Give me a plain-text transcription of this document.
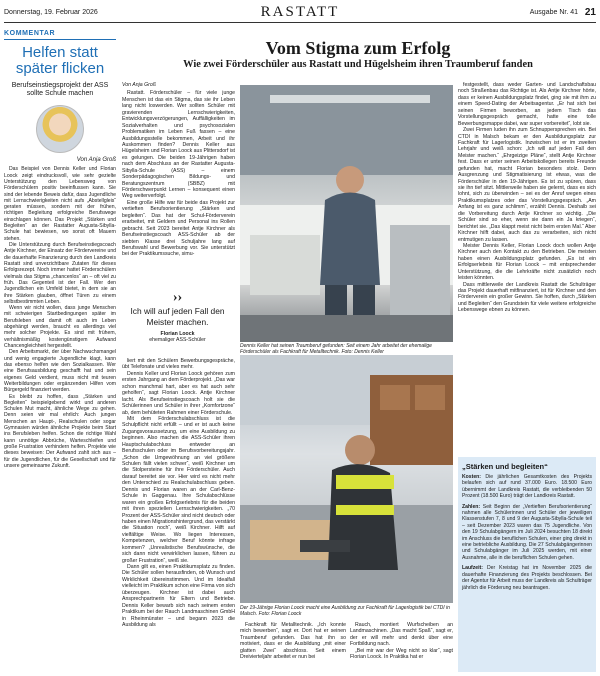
Donnerstag, 19. Februar 2026	RASTATT	Ausgabe Nr. 41 21
KOMMENTAR
Helfen statt später flicken
Berufseinstiegsprojekt der ASS sollte Schule machen
Von Anja Groß

Das Beispiel von Dennis Keller und Florian Loock zeigt eindrucksvoll, wie sehr gezielte Unterstützung den Lebensweg von Förderschülern positiv beeinflussen kann. Sie sind der lebende Beweis dafür, dass Jugendliche mit Lernschwierigkeiten nicht aufs „Abstellgleis“ geraten müssen, sondern mit der frühen, richtigen Begleitung erfolgreiche Berufswege einschlagen können. Das Projekt „Stärken und Begleiten“ an der Rastatter Augusta-Sibylla-Schule hat bewiesen, wo sonst oft Mauern stehen.

Die Unterstützung durch Berufseinstiegscoach Antje Kirchner, der Einsatz der Fördervereine und die dauerhafte Finanzierung durch den Landkreis Rastatt sind unverzichtbare Zutaten für dieses Erfolgsrezept. Noch immer hattet Förderschülern vielmals das Stigma „chancenlos“ an – oft viel zu früh. Das Gegenteil ist der Fall. Wer den Jugendlichen ein Umfeld bietet, in dem sie an ihre Stärken glauben, öffnet Türen zu einem selbstbestimmten Leben.

Wenn wir nicht wollen, dass junge Menschen mit schwierigen Startbedingungen später im Berufsleben und damit oft auch im Leben abgehängt werden, braucht es allerdings viel mehr solcher Projekte. Es sind mit frühem, verhältnismäßig kostengünstigem Aufwand Chancengleichheit hergestellt.

Den Arbeitsmarkt, der über Nachwuchsmangel und wenig engagierte Jugendliche klagt, kann das ebenso helfen wie den Sozialkassen. Wer eine Berufsausbildung geschafft hat und sein eigenes Geld verdient, muss nicht mit teuren Weiterbildungen oder ergänzenden Hilfen vom Bürgergeld finanziert werden.

Es bleibt zu hoffen, dass „Stärken und Begleiten“ beispielgebend wirkt und anderen Schulen Mut macht, ähnliche Wege zu gehen. Denn seien wir mal ehrlich: Auch jungen Menschen an Haupt-, Realschulen oder sogar Gymnasien würden ähnliche Projekte beim Start ins Berufsleben helfen. Schon die richtige Wahl kann unnötige Abbrüche, Warteschleifen und große Frustration verhindern helfen. Projekte wie dieses beweisen: Der Aufwand zahlt sich aus – für die Jugendlichen, für die Gesellschaft und für unsere gemeinsame Zukunft.

Vom Stigma zum Erfolg
Wie zwei Förderschüler aus Rastatt und Hügelsheim ihren Traumberuf fanden

Von Anja Groß

Rastatt. Förderschüler – für viele junge Menschen ist das ein Stigma, das sie ihr Leben lang nicht loswerden. Wer sollten Schüler mit gravierenden Lernschwierigkeiten, Entwicklungsverzögerungen, Auffälligkeiten im Sozialverhalten und psychosozialen Problematiken im Leben Fuß fassen – eine Ausbildungsstelle bekommen, Arbeit und ihr Auskommen finden? Dennis Keller aus Hügelsheim und Florian Loock aus Plittersdorf ist es gelungen. Die beiden 19-Jährigen haben nach dem Abschluss an der Rastatter Augusta-Sibylla-Schule (ASS) – einem Sonderpädagogischen Bildungs- und Beratungszentrum (SBBZ) mit Förderschwerpunkt Lernen – konsequent einen Weg weiterverfolgt.

Eine große Hilfe war für beide das Projekt zur vertieften Berufsorientierung „Stärken und begleiten“. Das hat der Schul-Förderverein erarbeitet, mit Geldern und Personal ins Rollen gebracht. Seit 2023 bereitet Antje Kirchner als Berufseinstiegscoach ASS-Schüler ab der siebten Klasse drei Schuljahre lang auf Berufswahl und Bewerbung vor. Sie unterstützt bei der Praktikumssuche, simu-

››
Ich will auf jeden Fall den Meister machen.
Florian Loock
ehemaliger ASS-Schüler

liert mit den Schülern Bewerbungsgespräche, übt Telefonate und vieles mehr.

Dennis Keller und Florian Loock gehören zum ersten Jahrgang an dem Förderprojekt. „Das war schon manchmal hart, aber es hat auch sehr geholfen“, sagt Florian Loock. Antje Kirchner lacht. Als Berufseinstiegscoach holt sie die Schülerinnen und Schüler in ihrer „Komfortzone“ ab, dem behüteten Rahmen einer Förderschule.

Mit dem Förderschulabschluss ist die Schulpflicht nicht erfüllt – und er ist auch keine Zugangsvoraussetzung, um eine Ausbildung zu beginnen. Also machen die ASS-Schüler ihren Hauptschulabschluss entweder an Berufsschulen oder im Berufsvorbereitungsjahr. „Schon die Umgewöhnung an viel größere Schulen fällt vielen schwer“, weiß Kirchner um die Stolpersteine für ihre Förderschüler. Auch darauf bereitet sie vor. Hier wird es nicht mehr den Unterschied zu Realschulabschluss geben. Dennis und Florian waren an der Carl-Benz-Schule in Gaggenau. Ihre Schulabschlüsse waren ein großes Erfolgserlebnis für die beiden mit ihren speziellen Lernschwierigkeiten. „70 Prozent der ASS-Schüler sind nicht deutsch oder haben einen Migrationshintergrund, das verstärkt die Situation noch“, weiß Kirchner. Hilft auf vielfältige Weise. Wo liegen Interessen, Kompetenzen, welcher Beruf könnte infrage kommen? „Unrealistische Berufswünsche, die sich dann nicht verwirklichen lassen, führen zu großer Frustration“, weiß sie.

Dann gilt es, einen Praktikumsplatz zu finden. Die Schüler sollen herausfinden, ob Wunsch und Wirklichkeit übereinstimmen. Und im Idealfall vielleicht im Praktikum schon eine Firma von sich überzeugen. Kirchner ist dabei auch Ansprechpartnerin für Eltern und Betriebe. Dennis Keller bewarb sich nach seinem ersten Praktikum bei der Rauch Landmaschinen GmbH in Rheinmünster – und begann 2023 die Ausbildung als

Dennis Keller hat seinen Traumberuf gefunden: Seit einem Jahr arbeitet der ehemalige Förderschüler als Fachkraft für Metalltechnik. Foto: Dennis Keller
Der 19-Jährige Florian Loock macht eine Ausbildung zur Fachkraft für Lagerlogistik bei CTDI in Malsch. Foto: Florian Loock

Fachkraft für Metalltechnik. „Ich konnte mich bewerben“, sagt er. Dort hat er seinen Traumberuf gefunden. Das hat ihn so motiviert, dass er die Ausbildung „mit einer glatten Zwei“ abschloss. Seit einem Dreivierteljahr arbeitet er nun bei

Rauch, montiert Wurfscheiben an Landmaschinen. „Das macht Spaß“, sagt er, der er will mehr und denkt über eine Fortbildung nach.

„Bei mir war der Weg nicht so klar“, sagt Florian Loock. In Praktika hat er

festgestellt, dass weder Garten- und Landschaftsbau noch Straßenbau das Richtige ist. Als Antje Kirchner hörte, dass er keinen Ausbildungsplatz findet, ging sie mit ihm zu einem Speed-Dating der Arbeitsagentur. „Er hat sich bei seinen Firmen beworben, an jedem Tisch das Vorstellungsgespräch gemacht, hatte eine tolle Bewerbungsmappe dabei, war super vorbereitet“, lobt sie.

Zwei Firmen luden ihn zum Schnuppersprechen ein. Bei CTDI in Malsch bekam er den Ausbildungsplatz zur Fachkraft für Lagerlogistik. Inzwischen ist er im zweiten Lehrjahr und weiß schon: „Ich will auf jeden Fall den Meister machen.“ „Ehrgeizige Pläne“, stellt Antje Kirchner fest. Dass er unter seinen Arbeitskollegen bereits Freunde gefunden hat, macht Florian besonders stolz. Denn Ausgrenzung und Stigmatisierung ist etwas, was die Förderschüler in den 19-Jährigen. Es ist zu spüren, dass sie ihn tief sitzt. Mittlerweile haben sie gelernt, dass es sich lohnt, sich zu überwinden – sei es der Anruf wegen eines Praktikumsplatzes oder das Vorstellungsgespräch. „Am Anfang ist es ganz schlimm“, erzählt Dennis. Deshalb sei die Vorbereitung durch Antje Kirchner so wichtig. „Die Schüler sind so eher, wenn sie dann ein Ja kriegen“, berichtet sie. „Das klappt meist nicht beim ersten Mal.“ Aber Kirchner hilft dabei, auch das zu verarbeiten, sich nicht entmutigen zu lassen.

Meister Dennis Keller, Florian Loock doch wollen Antje Kirchner auch den Kontakt zu den Betrieben. Die meisten haben einen Ausbildungsplatz gefunden. „Es ist ein Erfolgserlebnis für Florian Loock – mit entsprechender Unterstützung, die die Lehrkräfte nicht zusätzlich noch leisten könnten.

Dass mittlerweile der Landkreis Rastatt die Schulträger das Projekt dauerhaft mitfinanziert, ist für Kirchner und den Förderverein ein großer Gewinn. Sie hoffen, durch „Stärken und Begleiten“ den Grundstein für viele weitere erfolgreiche Lebenswege ebnen zu können.

„Stärken und begleiten“

Kosten: Die jährlichen Gesamtkosten des Projekts belaufen sich auf rund 37.000 Euro. 18.500 Euro übernimmt der Landkreis Rastatt, die verbleibenden 50 Prozent (18.500 Euro) trägt der Landkreis Rastatt.

Zahlen: Seit Beginn der „Vertieften Berufsorientierung“ nahmen alle Schülerinnen und Schüler der jeweiligen Klassenstufen 7, 8 und 9 der Augusta-Sibylla-Schule teil – seit Dezember 2023 waren das 75 Jugendliche. Von den 19 Schulabgängern im Juli 2024 besuchten 18 direkt im Anschluss die beruflichen Schulen, einer ging direkt in eine betriebliche Ausbildung. Die 27 Schulabgängerinnen und Schulabgänger im Juli 2025 werden, mit einer Ausnahme, alle in die beruflichen Schulen gehen.

Laufzeit: Der Kreistag hat im November 2025 die dauerhafte Finanzierung des Projekts beschlossen. Bei der Agentur für Arbeit muss der Landkreis als Schulträger jährlich die Förderung neu beantragen.
